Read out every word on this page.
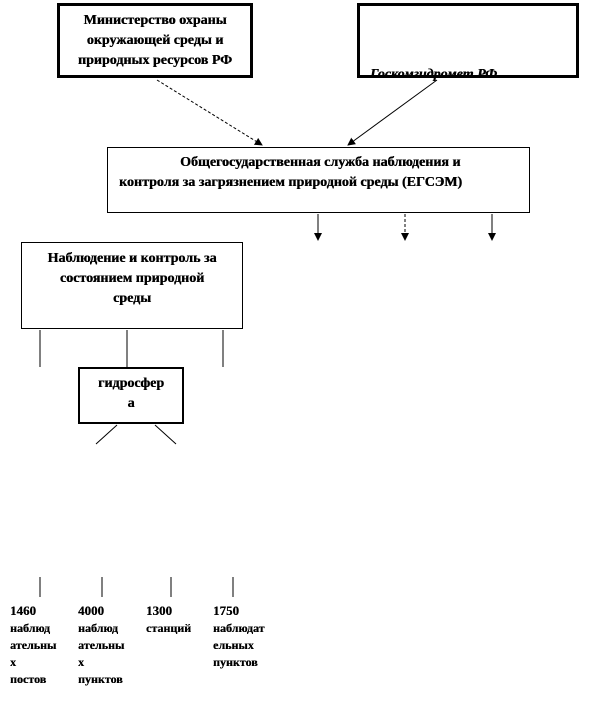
Министерство охраны
окружающей среды и
природных ресурсов РФ
Госкомгидромет РФ
Общегосударственная служба наблюдения и
контроля за загрязнением природной среды (ЕГСЭМ)
Наблюдение и контроль за
состоянием природной
среды
гидросфер
а
1460
наблюд
ательны
х
постов
4000
наблюд
ательны
х
пунктов
1300
станций
1750
наблюдат
ельных
пунктов
